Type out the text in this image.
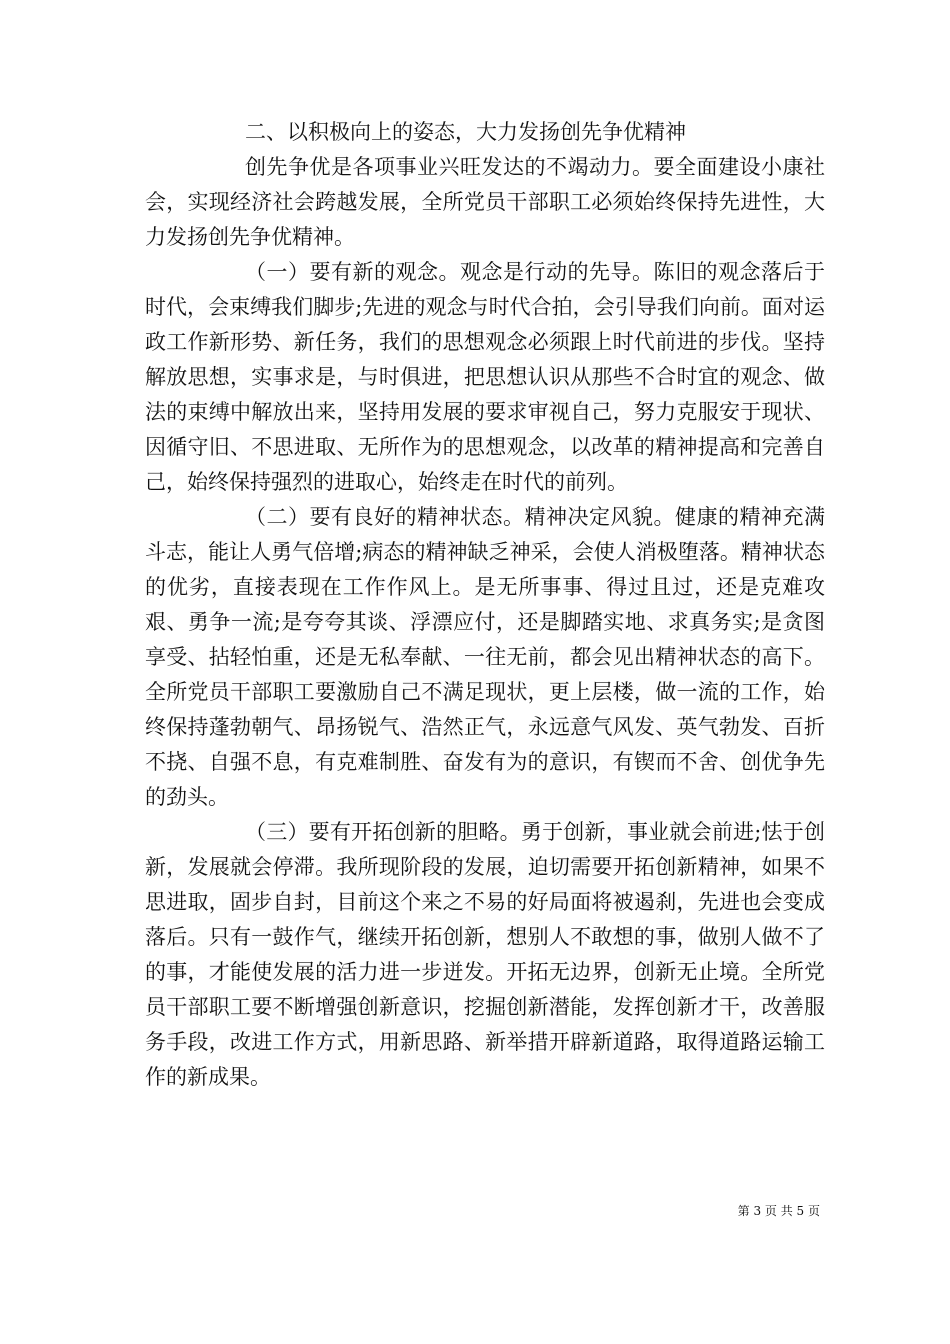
二、以积极向上的姿态，大力发扬创先争优精神

创先争优是各项事业兴旺发达的不竭动力。要全面建设小康社会，实现经济社会跨越发展，全所党员干部职工必须始终保持先进性，大力发扬创先争优精神。

（一）要有新的观念。观念是行动的先导。陈旧的观念落后于时代，会束缚我们脚步;先进的观念与时代合拍，会引导我们向前。面对运政工作新形势、新任务，我们的思想观念必须跟上时代前进的步伐。坚持解放思想，实事求是，与时俱进，把思想认识从那些不合时宜的观念、做法的束缚中解放出来，坚持用发展的要求审视自己，努力克服安于现状、因循守旧、不思进取、无所作为的思想观念，以改革的精神提高和完善自己，始终保持强烈的进取心，始终走在时代的前列。

（二）要有良好的精神状态。精神决定风貌。健康的精神充满斗志，能让人勇气倍增;病态的精神缺乏神采，会使人消极堕落。精神状态的优劣，直接表现在工作作风上。是无所事事、得过且过，还是克难攻艰、勇争一流;是夸夸其谈、浮漂应付，还是脚踏实地、求真务实;是贪图享受、拈轻怕重，还是无私奉献、一往无前，都会见出精神状态的高下。全所党员干部职工要激励自己不满足现状，更上层楼，做一流的工作，始终保持蓬勃朝气、昂扬锐气、浩然正气，永远意气风发、英气勃发、百折不挠、自强不息，有克难制胜、奋发有为的意识，有锲而不舍、创优争先的劲头。

（三）要有开拓创新的胆略。勇于创新，事业就会前进;怯于创新，发展就会停滞。我所现阶段的发展，迫切需要开拓创新精神，如果不思进取，固步自封，目前这个来之不易的好局面将被遏刹，先进也会变成落后。只有一鼓作气，继续开拓创新，想别人不敢想的事，做别人做不了的事，才能使发展的活力进一步迸发。开拓无边界，创新无止境。全所党员干部职工要不断增强创新意识，挖掘创新潜能，发挥创新才干，改善服务手段，改进工作方式，用新思路、新举措开辟新道路，取得道路运输工作的新成果。

第 3 页 共 5 页
